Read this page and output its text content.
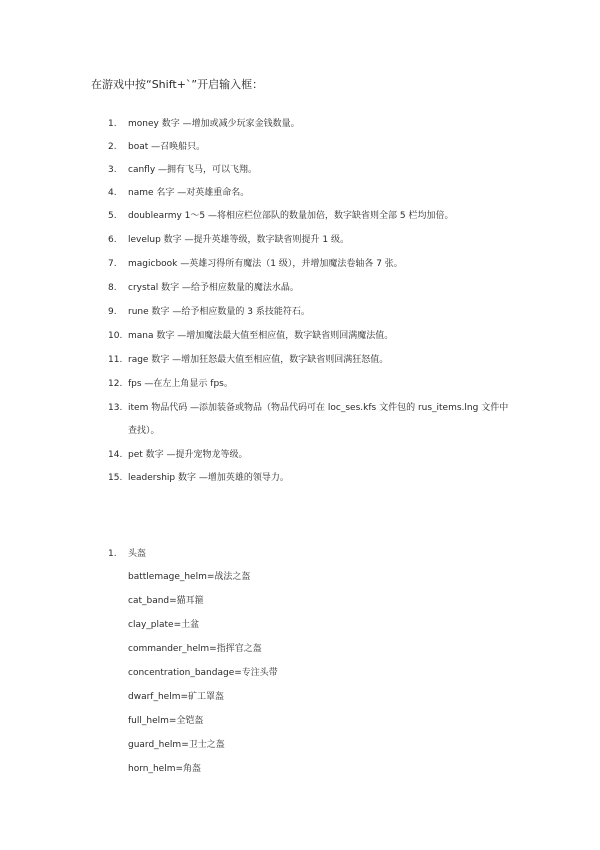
在游戏中按“Shift+`”开启输入框：
1. money 数字 —增加或减少玩家金钱数量。
2. boat —召唤船只。
3. canfly —拥有飞马，可以飞翔。
4. name 名字 —对英雄重命名。
5. doublearmy 1～5 —将相应栏位部队的数量加倍，数字缺省则全部 5 栏均加倍。
6. levelup 数字 —提升英雄等级，数字缺省则提升 1 级。
7. magicbook —英雄习得所有魔法（1 级），并增加魔法卷轴各 7 张。
8. crystal 数字 —给予相应数量的魔法水晶。
9. rune 数字 —给予相应数量的 3 系技能符石。
10. mana 数字 —增加魔法最大值至相应值，数字缺省则回满魔法值。
11. rage 数字 —增加狂怒最大值至相应值，数字缺省则回满狂怒值。
12. fps —在左上角显示 fps。
13. item 物品代码 —添加装备或物品（物品代码可在 loc_ses.kfs 文件包的 rus_items.lng 文件中
查找）。
14. pet 数字 —提升宠物龙等级。
15. leadership 数字 —增加英雄的领导力。
1. 头盔
battlemage_helm=战法之盔
cat_band=猫耳箍
clay_plate=土盆
commander_helm=指挥官之盔
concentration_bandage=专注头带
dwarf_helm=矿工罩盔
full_helm=全铠盔
guard_helm=卫士之盔
horn_helm=角盔
